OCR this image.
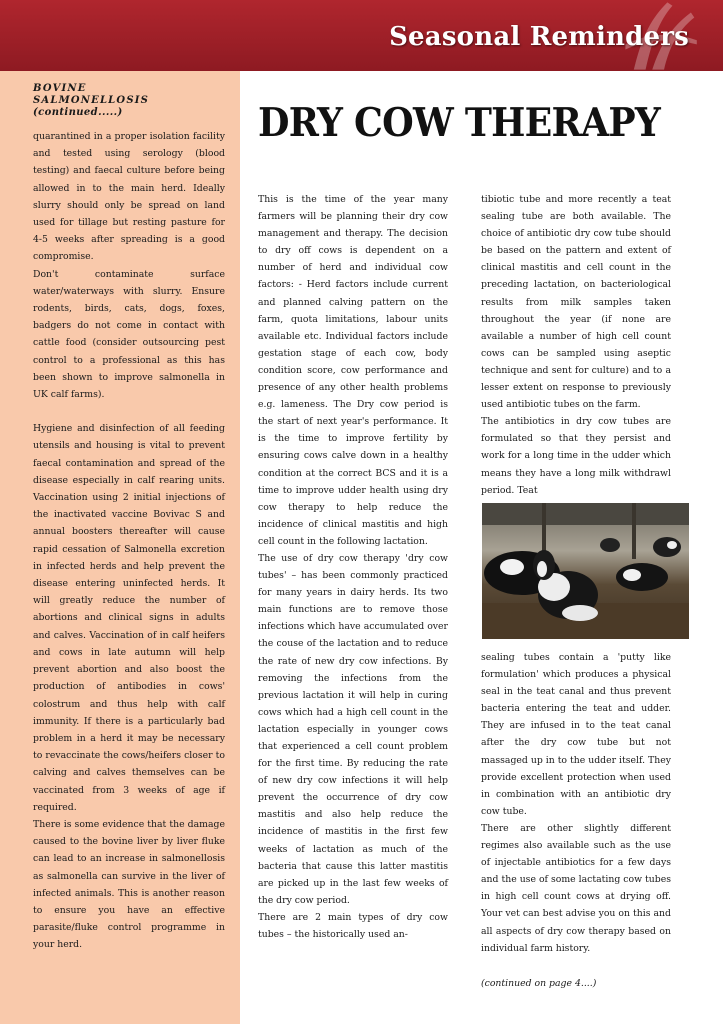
Seasonal Reminders
BOVINE
SALMONELLOSIS
(continued.....)

quarantined in a proper isolation facility and tested using serology (blood testing) and faecal culture before being allowed in to the main herd. Ideally slurry should only be spread on land used for tillage but resting pasture for 4-5 weeks after spreading is a good compromise.

Don't contaminate surface water/waterways with slurry. Ensure rodents, birds, cats, dogs, foxes, badgers do not come in contact with cattle food (consider outsourcing pest control to a professional as this has been shown to improve salmonella in UK calf farms).

Hygiene and disinfection of all feeding utensils and housing is vital to prevent faecal contamination and spread of the disease especially in calf rearing units. Vaccination using 2 initial injections of the inactivated vaccine Bovivac S and annual boosters thereafter will cause rapid cessation of Salmonella excretion in infected herds and help prevent the disease entering uninfected herds. It will greatly reduce the number of abortions and clinical signs in adults and calves. Vaccination of in calf heifers and cows in late autumn will help prevent abortion and also boost the production of antibodies in cows' colostrum and thus help with calf immunity. If there is a particularly bad problem in a herd it may be necessary to revaccinate the cows/heifers closer to calving and calves themselves can be vaccinated from 3 weeks of age if required.

There is some evidence that the damage caused to the bovine liver by liver fluke can lead to an increase in salmonellosis as salmonella can survive in the liver of infected animals. This is another reason to ensure you have an effective parasite/fluke control programme in your herd.

DRY COW THERAPY

This is the time of the year many farmers will be planning their dry cow management and therapy. The decision to dry off cows is dependent on a number of herd and individual cow factors: - Herd factors include current and planned calving pattern on the farm, quota limitations, labour units available etc. Individual factors include gestation stage of each cow, body condition score, cow performance and presence of any other health problems e.g. lameness. The Dry cow period is the start of next year's performance. It is the time to improve fertility by ensuring cows calve down in a healthy condition at the correct BCS and it is a time to improve udder health using dry cow therapy to help reduce the incidence of clinical mastitis and high cell count in the following lactation.

The use of dry cow therapy 'dry cow tubes' – has been commonly practiced for many years in dairy herds. Its two main functions are to remove those infections which have accumulated over the couse of the lactation and to reduce the rate of new dry cow infections. By removing the infections from the previous lactation it will help in curing cows which had a high cell count in the lactation especially in younger cows that experienced a cell count problem for the first time. By reducing the rate of new dry cow infections it will help prevent the occurrence of dry cow mastitis and also help reduce the incidence of mastitis in the first few weeks of lactation as much of the bacteria that cause this latter mastitis are picked up in the last few weeks of the dry cow period.

There are 2 main types of dry cow tubes – the historically used an-

tibiotic tube and more recently a teat sealing tube are both available. The choice of antibiotic dry cow tube should be based on the pattern and extent of clinical mastitis and cell count in the preceding lactation, on bacteriological results from milk samples taken throughout the year (if none are available a number of high cell count cows can be sampled using aseptic technique and sent for culture) and to a lesser extent on response to previously used antibiotic tubes on the farm.

The antibiotics in dry cow tubes are formulated so that they persist and work for a long time in the udder which means they have a long milk withdrawl period. Teat

sealing tubes contain a 'putty like formulation' which produces a physical seal in the teat canal and thus prevent bacteria entering the teat and udder. They are infused in to the teat canal after the dry cow tube but not massaged up in to the udder itself. They provide excellent protection when used in combination with an antibiotic dry cow tube.

There are other slightly different regimes also available such as the use of injectable antibiotics for a few days and the use of some lactating cow tubes in high cell count cows at drying off. Your vet can best advise you on this and all aspects of dry cow therapy based on individual farm history.

(continued on page 4....)
